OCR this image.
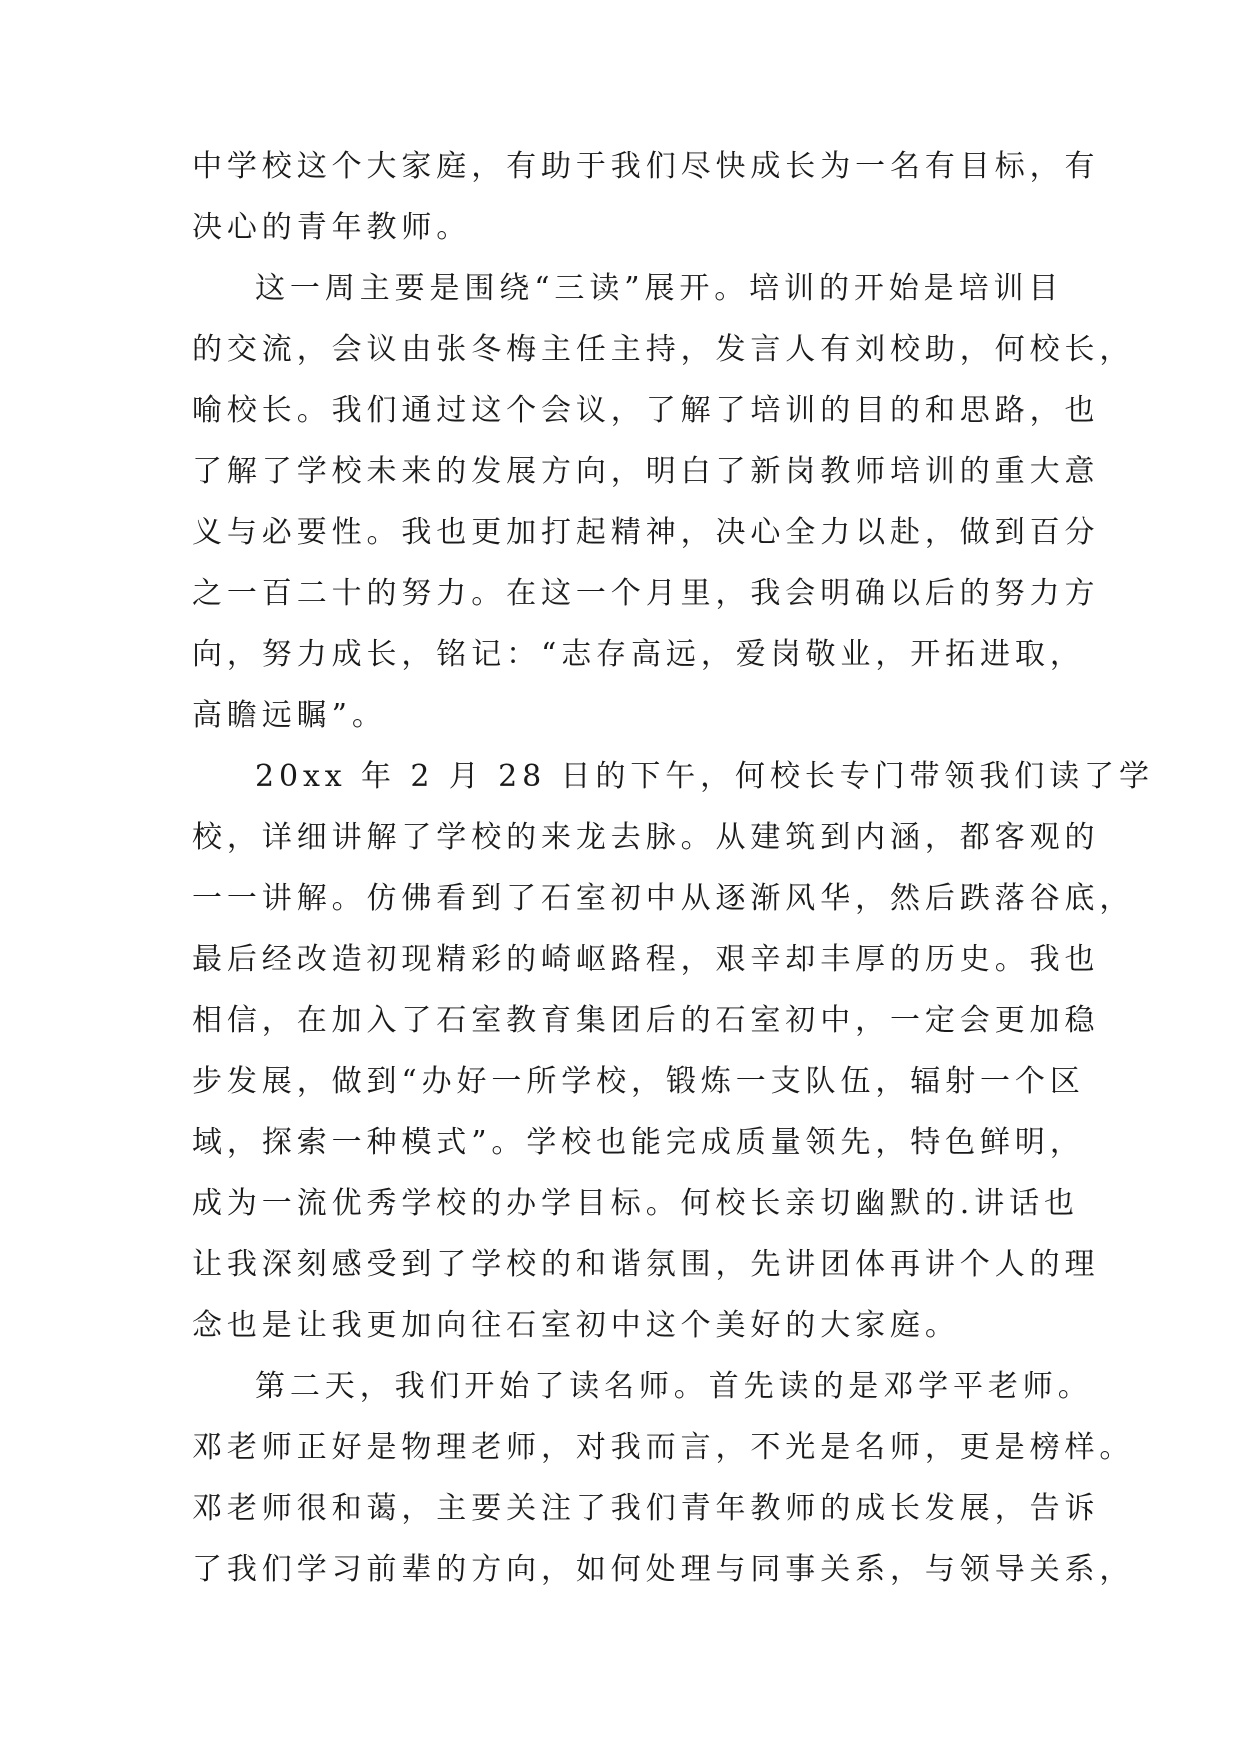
中学校这个大家庭，有助于我们尽快成长为一名有目标，有
决心的青年教师。
这一周主要是围绕“三读”展开。培训的开始是培训目
的交流，会议由张冬梅主任主持，发言人有刘校助，何校长，
喻校长。我们通过这个会议，了解了培训的目的和思路，也
了解了学校未来的发展方向，明白了新岗教师培训的重大意
义与必要性。我也更加打起精神，决心全力以赴，做到百分
之一百二十的努力。在这一个月里，我会明确以后的努力方
向，努力成长，铭记：“志存高远，爱岗敬业，开拓进取，
高瞻远瞩”。
20xx 年 2 月 28 日的下午，何校长专门带领我们读了学
校，详细讲解了学校的来龙去脉。从建筑到内涵，都客观的
一一讲解。仿佛看到了石室初中从逐渐风华，然后跌落谷底，
最后经改造初现精彩的崎岖路程，艰辛却丰厚的历史。我也
相信，在加入了石室教育集团后的石室初中，一定会更加稳
步发展，做到“办好一所学校，锻炼一支队伍，辐射一个区
域，探索一种模式”。学校也能完成质量领先，特色鲜明，
成为一流优秀学校的办学目标。何校长亲切幽默的.讲话也
让我深刻感受到了学校的和谐氛围，先讲团体再讲个人的理
念也是让我更加向往石室初中这个美好的大家庭。
第二天，我们开始了读名师。首先读的是邓学平老师。
邓老师正好是物理老师，对我而言，不光是名师，更是榜样。
邓老师很和蔼，主要关注了我们青年教师的成长发展，告诉
了我们学习前辈的方向，如何处理与同事关系，与领导关系，
